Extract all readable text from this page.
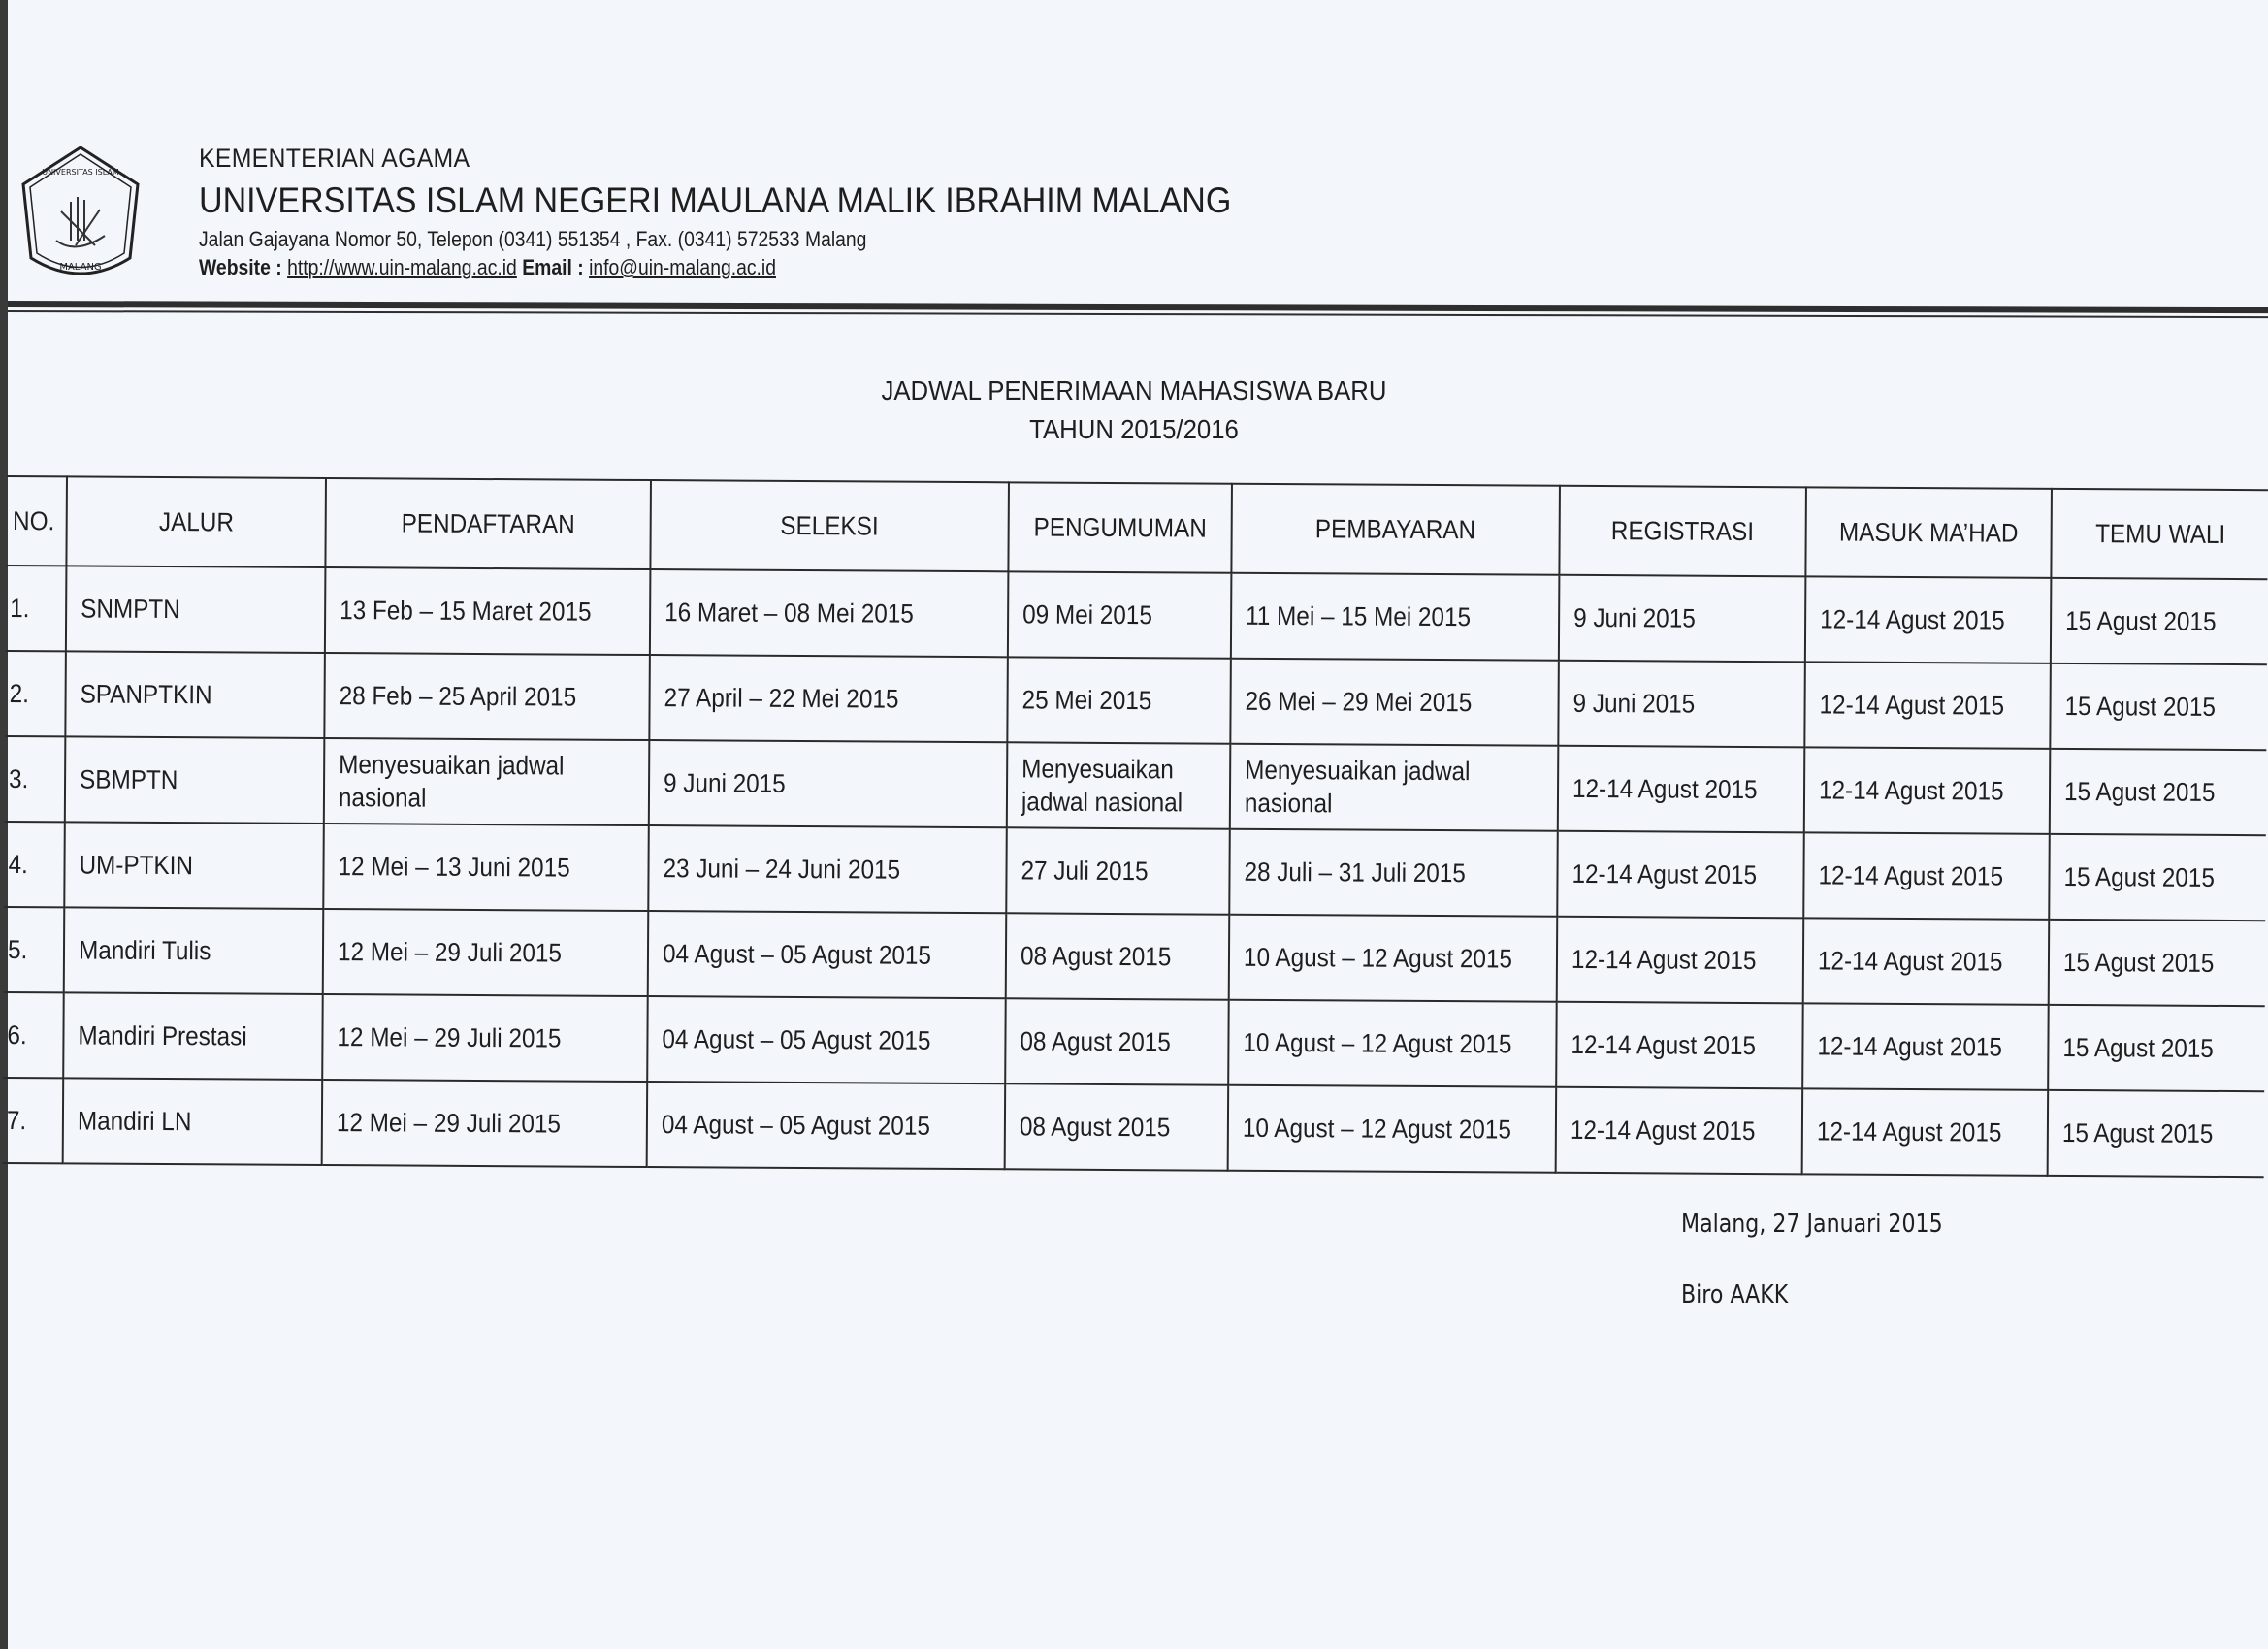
MALANG
UNIVERSITAS ISLAM	KEMENTERIAN AGAMA
UNIVERSITAS ISLAM NEGERI MAULANA MALIK IBRAHIM MALANG
Jalan Gajayana Nomor 50, Telepon (0341) 551354 , Fax. (0341) 572533 Malang
Website : http://www.uin-malang.ac.id Email : info@uin-malang.ac.id
JADWAL PENERIMAAN MAHASISWA BARU
TAHUN 2015/2016
NO.	JALUR	PENDAFTARAN	SELEKSI	PENGUMUMAN	PEMBAYARAN	REGISTRASI	MASUK MA’HAD	TEMU WALI
1.	SNMPTN	13 Feb – 15 Maret 2015	16 Maret – 08 Mei 2015	09 Mei 2015	11 Mei – 15 Mei 2015	9 Juni 2015	12-14 Agust 2015	15 Agust 2015
2.	SPANPTKIN	28 Feb – 25 April 2015	27 April – 22 Mei 2015	25 Mei 2015	26 Mei – 29 Mei 2015	9 Juni 2015	12-14 Agust 2015	15 Agust 2015
3.	SBMPTN	Menyesuaikan jadwal nasional	9 Juni 2015	Menyesuaikan jadwal nasional	Menyesuaikan jadwal nasional	12-14 Agust 2015	12-14 Agust 2015	15 Agust 2015
4.	UM-PTKIN	12 Mei – 13 Juni 2015	23 Juni – 24 Juni 2015	27 Juli 2015	28 Juli – 31 Juli 2015	12-14 Agust 2015	12-14 Agust 2015	15 Agust 2015
5.	Mandiri Tulis	12 Mei – 29 Juli 2015	04 Agust – 05 Agust 2015	08 Agust 2015	10 Agust – 12 Agust 2015	12-14 Agust 2015	12-14 Agust 2015	15 Agust 2015
6.	Mandiri Prestasi	12 Mei – 29 Juli 2015	04 Agust – 05 Agust 2015	08 Agust 2015	10 Agust – 12 Agust 2015	12-14 Agust 2015	12-14 Agust 2015	15 Agust 2015
7.	Mandiri LN	12 Mei – 29 Juli 2015	04 Agust – 05 Agust 2015	08 Agust 2015	10 Agust – 12 Agust 2015	12-14 Agust 2015	12-14 Agust 2015	15 Agust 2015
Malang, 27 Januari 2015
Biro AAKK
